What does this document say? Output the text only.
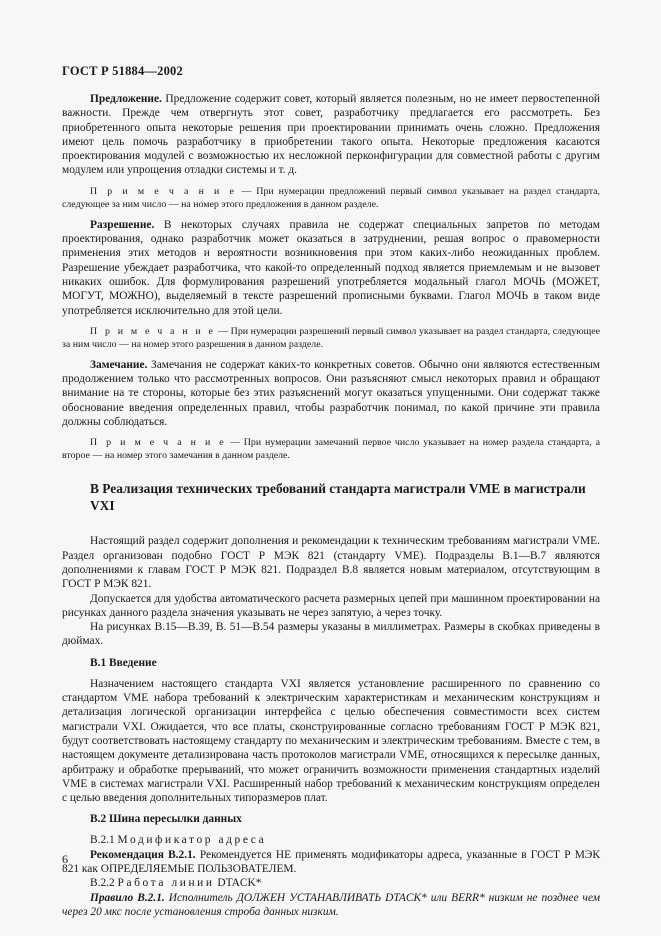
ГОСТ Р 51884—2002

Предложение. Предложение содержит совет, который является полезным, но не имеет первостепенной важности. Прежде чем отвергнуть этот совет, разработчику предлагается его рассмотреть. Без приобретенного опыта некоторые решения при проектировании принимать очень сложно. Предложения имеют цель помочь разработчику в приобретении такого опыта. Некоторые предложения касаются проектирования модулей с возможностью их несложной перконфигурации для совместной работы с другим модулем или упрощения отладки системы и т. д.

П р и м е ч а н и е — При нумерации предложений первый символ указывает на раздел стандарта, следующее за ним число — на номер этого предложения в данном разделе.

Разрешение. В некоторых случаях правила не содержат специальных запретов по методам проектирования, однако разработчик может оказаться в затруднении, решая вопрос о правомерности применения этих методов и вероятности возникновения при этом каких-либо неожиданных проблем. Разрешение убеждает разработчика, что какой-то определенный подход является приемлемым и не вызовет никаких ошибок. Для формулирования разрешений употребляется модальный глагол МОЧЬ (МОЖЕТ, МОГУТ, МОЖНО), выделяемый в тексте разрешений прописными буквами. Глагол МОЧЬ в таком виде употребляется исключительно для этой цели.

П р и м е ч а н и е — При нумерации разрешений первый символ указывает на раздел стандарта, следующее за ним число — на номер этого разрешения в данном разделе.

Замечание. Замечания не содержат каких-то конкретных советов. Обычно они являются естественным продолжением только что рассмотренных вопросов. Они разъясняют смысл некоторых правил и обращают внимание на те стороны, которые без этих разъяснений могут оказаться упущенными. Они содержат также обоснование введения определенных правил, чтобы разработчик понимал, по какой причине эти правила должны соблюдаться.

П р и м е ч а н и е — При нумерации замечаний первое число указывает на номер раздела стандарта, а второе — на номер этого замечания в данном разделе.

В Реализация технических требований стандарта магистрали VME в магистрали VXI

Настоящий раздел содержит дополнения и рекомендации к техническим требованиям магистрали VME. Раздел организован подобно ГОСТ Р МЭК 821 (стандарту VME). Подразделы В.1—В.7 являются дополнениями к главам ГОСТ Р МЭК 821. Подраздел В.8 является новым материалом, отсутствующим в ГОСТ Р МЭК 821.

Допускается для удобства автоматического расчета размерных цепей при машинном проектировании на рисунках данного раздела значения указывать не через запятую, а через точку.

На рисунках В.15—В.39, В. 51—В.54 размеры указаны в миллиметрах. Размеры в скобках приведены в дюймах.

В.1 Введение

Назначением настоящего стандарта VXI является установление расширенного по сравнению со стандартом VME набора требований к электрическим характеристикам и механическим конструкциям и детализация логической организации интерфейса с целью обеспечения совместимости всех систем магистрали VXI. Ожидается, что все платы, сконструированные согласно требованиям ГОСТ Р МЭК 821, будут соответствовать настоящему стандарту по механическим и электрическим требованиям. Вместе с тем, в настоящем документе детализирована часть протоколов магистрали VME, относящихся к пересылке данных, арбитражу и обработке прерываний, что может ограничить возможности применения стандартных изделий VME в системах магистрали VXI. Расширенный набор требований к механическим конструкциям определен с целью введения дополнительных типоразмеров плат.

В.2 Шина пересылки данных

В.2.1 Модификатор адреса

Рекомендация В.2.1. Рекомендуется НЕ применять модификаторы адреса, указанные в ГОСТ Р МЭК 821 как ОПРЕДЕЛЯЕМЫЕ ПОЛЬЗОВАТЕЛЕМ.

В.2.2 Работа линии DTACK*

Правило В.2.1. Исполнитель ДОЛЖЕН УСТАНАВЛИВАТЬ DTACK* или BERR* низким не позднее чем через 20 мкс после установления строба данных низким.

6
